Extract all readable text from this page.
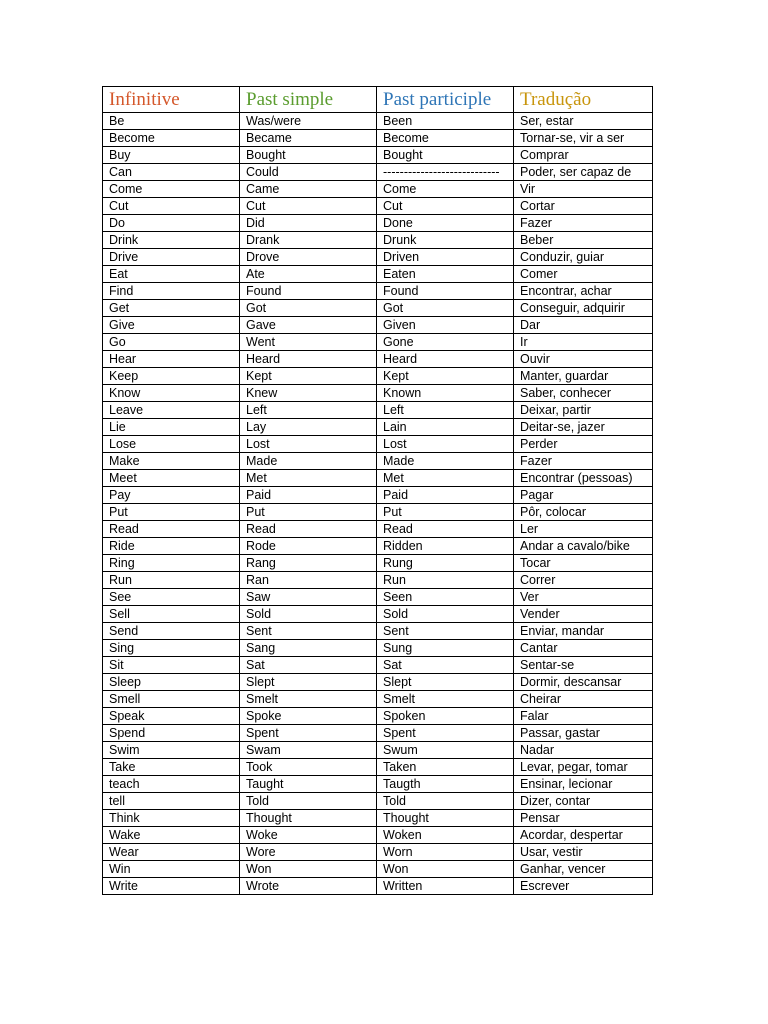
Infinitive	Past simple	Past participle	Tradução
Be	Was/were	Been	Ser, estar
Become	Became	Become	Tornar-se, vir a ser
Buy	Bought	Bought	Comprar
Can	Could	----------------------------	Poder, ser capaz de
Come	Came	Come	Vir
Cut	Cut	Cut	Cortar
Do	Did	Done	Fazer
Drink	Drank	Drunk	Beber
Drive	Drove	Driven	Conduzir, guiar
Eat	Ate	Eaten	Comer
Find	Found	Found	Encontrar, achar
Get	Got	Got	Conseguir, adquirir
Give	Gave	Given	Dar
Go	Went	Gone	Ir
Hear	Heard	Heard	Ouvir
Keep	Kept	Kept	Manter, guardar
Know	Knew	Known	Saber, conhecer
Leave	Left	Left	Deixar, partir
Lie	Lay	Lain	Deitar-se, jazer
Lose	Lost	Lost	Perder
Make	Made	Made	Fazer
Meet	Met	Met	Encontrar (pessoas)
Pay	Paid	Paid	Pagar
Put	Put	Put	Pôr, colocar
Read	Read	Read	Ler
Ride	Rode	Ridden	Andar a cavalo/bike
Ring	Rang	Rung	Tocar
Run	Ran	Run	Correr
See	Saw	Seen	Ver
Sell	Sold	Sold	Vender
Send	Sent	Sent	Enviar, mandar
Sing	Sang	Sung	Cantar
Sit	Sat	Sat	Sentar-se
Sleep	Slept	Slept	Dormir, descansar
Smell	Smelt	Smelt	Cheirar
Speak	Spoke	Spoken	Falar
Spend	Spent	Spent	Passar, gastar
Swim	Swam	Swum	Nadar
Take	Took	Taken	Levar, pegar, tomar
teach	Taught	Taugth	Ensinar, lecionar
tell	Told	Told	Dizer, contar
Think	Thought	Thought	Pensar
Wake	Woke	Woken	Acordar, despertar
Wear	Wore	Worn	Usar, vestir
Win	Won	Won	Ganhar, vencer
Write	Wrote	Written	Escrever
